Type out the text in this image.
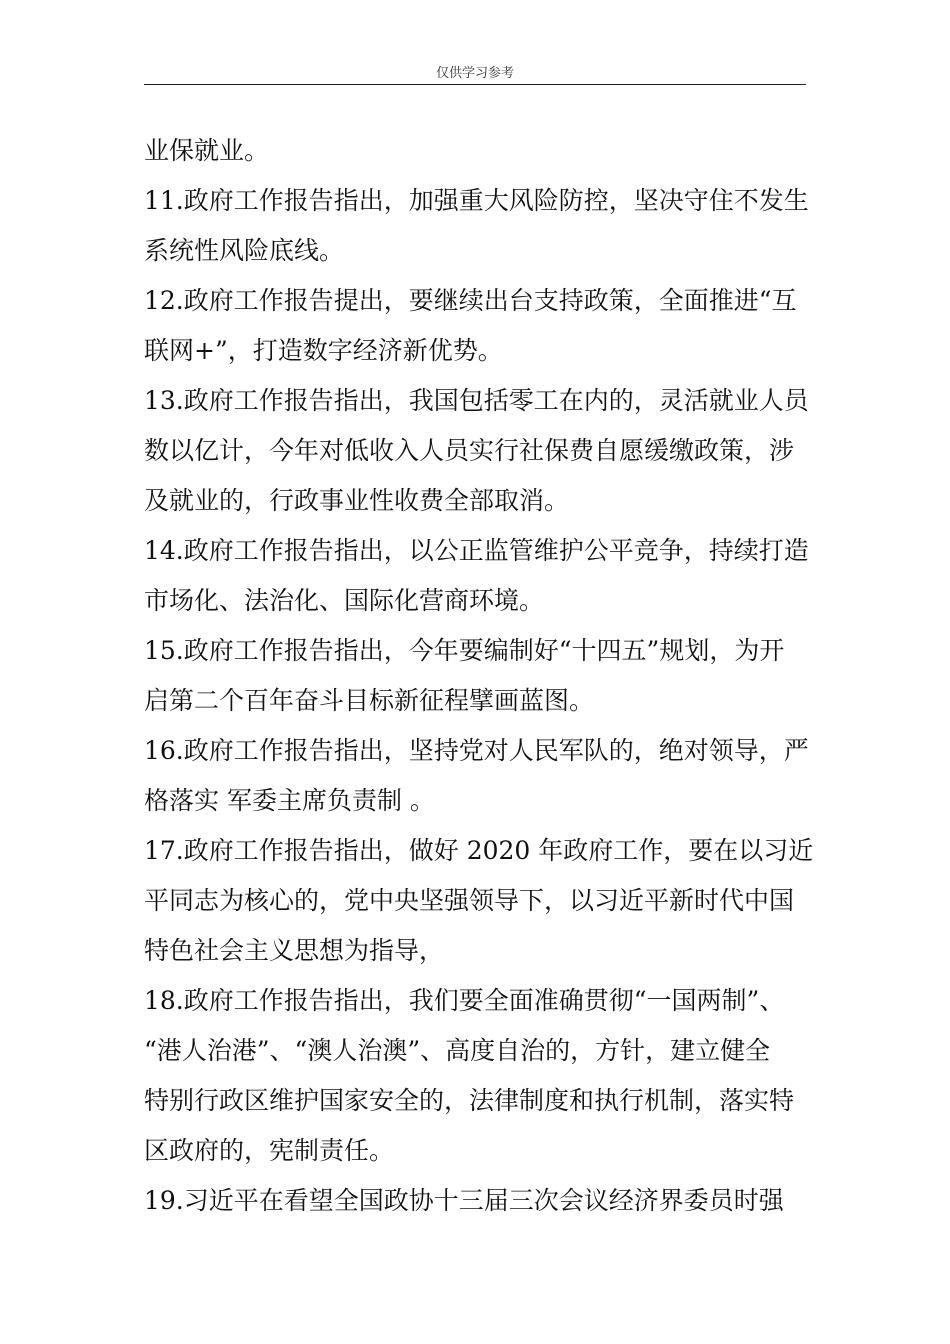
仅供学习参考
业保就业。
11.政府工作报告指出，加强重大风险防控，坚决守住不发生
系统性风险底线。
12.政府工作报告提出，要继续出台支持政策，全面推进“互
联网+”，打造数字经济新优势。
13.政府工作报告指出，我国包括零工在内的，灵活就业人员
数以亿计，今年对低收入人员实行社保费自愿缓缴政策，涉
及就业的，行政事业性收费全部取消。
14.政府工作报告指出，以公正监管维护公平竞争，持续打造
市场化、法治化、国际化营商环境。
15.政府工作报告指出，今年要编制好“十四五”规划，为开
启第二个百年奋斗目标新征程擘画蓝图。
16.政府工作报告指出，坚持党对人民军队的，绝对领导，严
格落实 军委主席负责制 。
17.政府工作报告指出，做好 2020 年政府工作，要在以习近
平同志为核心的，党中央坚强领导下，以习近平新时代中国
特色社会主义思想为指导，
18.政府工作报告指出，我们要全面准确贯彻“一国两制”、
“港人治港”、“澳人治澳”、高度自治的，方针，建立健全
特别行政区维护国家安全的，法律制度和执行机制，落实特
区政府的，宪制责任。
19.习近平在看望全国政协十三届三次会议经济界委员时强
